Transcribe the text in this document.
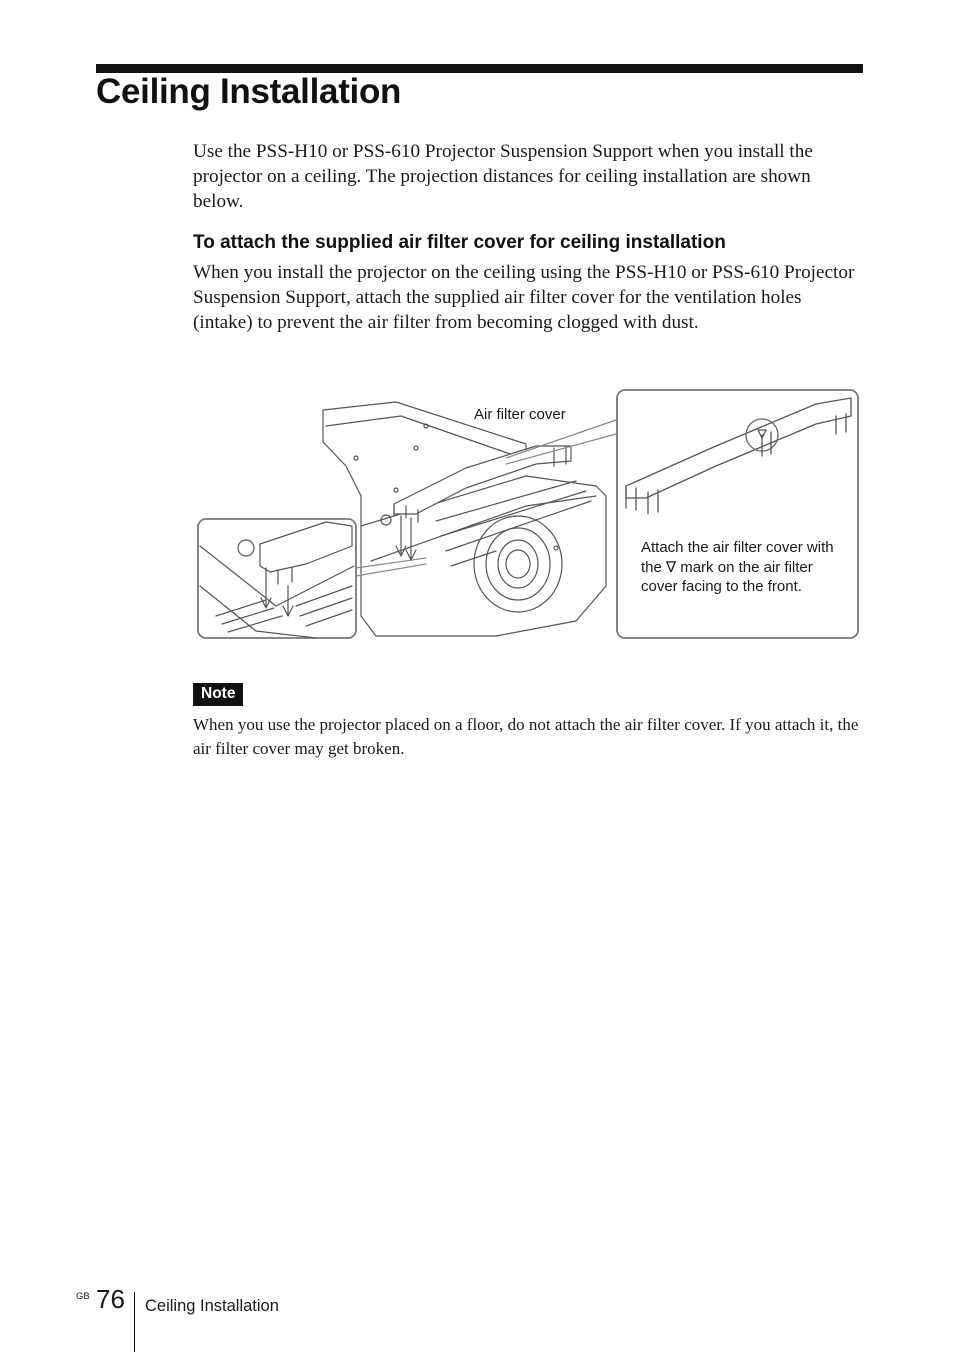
Ceiling Installation

Use the PSS-H10 or PSS-610 Projector Suspension Support when you install the projector on a ceiling. The projection distances for ceiling installation are shown below.

To attach the supplied air filter cover for ceiling installation

When you install the projector on the ceiling using the PSS-H10 or PSS-610 Projector Suspension Support, attach the supplied air filter cover for the ventilation holes (intake) to prevent the air filter from becoming clogged with dust.

Air filter cover
Attach the air filter cover with the ∇ mark on the air filter cover facing to the front.
Note

When you use the projector placed on a floor, do not attach the air filter cover. If you attach it, the air filter cover may get broken.

GB 76 Ceiling Installation
